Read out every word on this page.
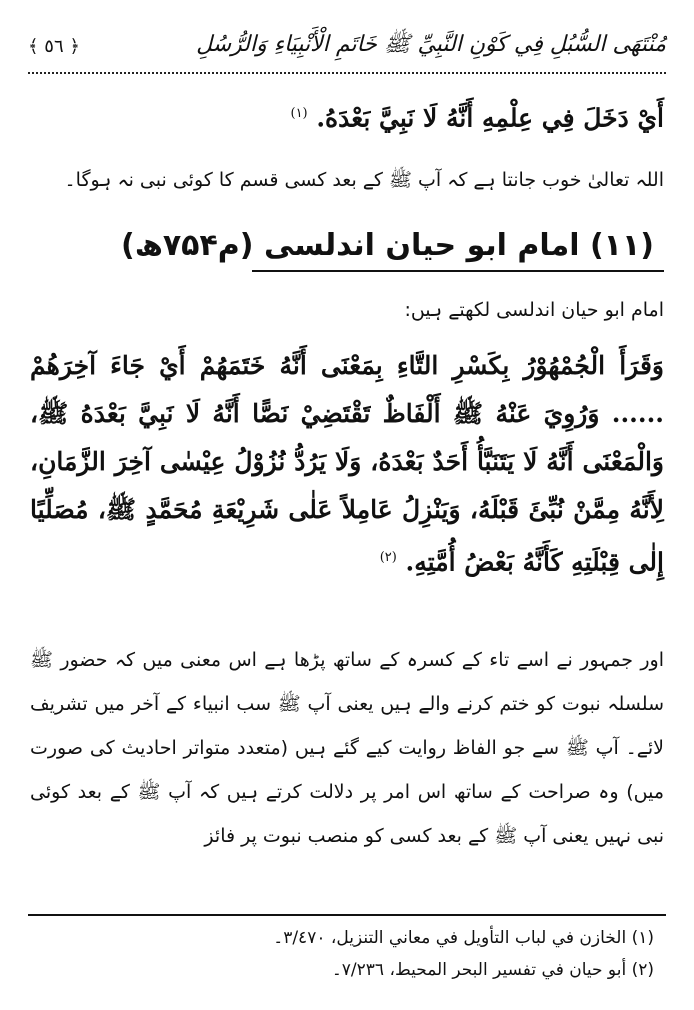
مُنْتَهَى السُّبُلِ فِي كَوْنِ النَّبِيِّ ﷺ خَاتَمِ الْأَنْبِيَاءِ وَالرُّسُلِ
﴿ ٥٦ ﴾
أَيْ دَخَلَ فِي عِلْمِهِ أَنَّهُ لَا نَبِيَّ بَعْدَهُ. $^{(١)}$
اللہ تعالیٰ خوب جانتا ہے کہ آپ ﷺ کے بعد کسی قسم کا کوئی نبی نہ ہوگا۔
(۱۱) امام ابو حیان اندلسی (م۷۵۴ھ)
امام ابو حیان اندلسی لکھتے ہیں:
وَقَرَأَ الْجُمْهُوْرُ بِكَسْرِ التَّاءِ بِمَعْنَى أَنَّهُ خَتَمَهُمْ أَيْ جَاءَ آخِرَهُمْ ...... وَرُوِيَ عَنْهُ ﷺ أَلْفَاظٌ تَقْتَضِيْ نَصًّا أَنَّهُ لَا نَبِيَّ بَعْدَهُ ﷺ، وَالْمَعْنَى أَنَّهُ لَا يَتَنَبَّأُ أَحَدٌ بَعْدَهُ، وَلَا يَرُدُّ نُزُوْلُ عِيْسٰى آخِرَ الزَّمَانِ، لِأَنَّهُ مِمَّنْ نُبِّئَ قَبْلَهُ، وَيَنْزِلُ عَامِلاً عَلٰى شَرِيْعَةِ مُحَمَّدٍ ﷺ، مُصَلِّيًا إِلٰى قِبْلَتِهِ كَأَنَّهُ بَعْضُ أُمَّتِهِ. $^{(٢)}$
اور جمہور نے اسے تاء کے کسرہ کے ساتھ پڑھا ہے اس معنی میں کہ حضور ﷺ سلسلہ نبوت کو ختم کرنے والے ہیں یعنی آپ ﷺ سب انبیاء کے آخر میں تشریف لائے۔ آپ ﷺ سے جو الفاظ روایت کیے گئے ہیں (متعدد متواتر احادیث کی صورت میں) وہ صراحت کے ساتھ اس امر پر دلالت کرتے ہیں کہ آپ ﷺ کے بعد کوئی نبی نہیں یعنی آپ ﷺ کے بعد کسی کو منصب نبوت پر فائز
(١) الخازن في لباب التأويل في معاني التنزيل، ٣/٤٧٠۔
(٢) أبو حيان في تفسير البحر المحيط، ٧/٢٣٦۔
